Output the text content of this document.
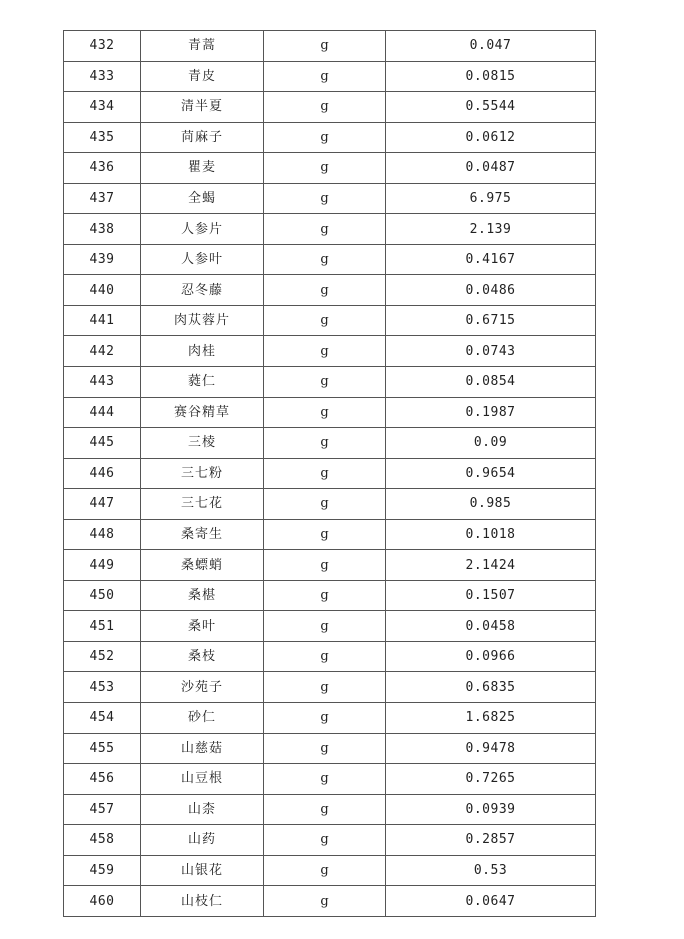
432	青蒿	g	0.047
433	青皮	g	0.0815
434	清半夏	g	0.5544
435	苘麻子	g	0.0612
436	瞿麦	g	0.0487
437	全蝎	g	6.975
438	人参片	g	2.139
439	人参叶	g	0.4167
440	忍冬藤	g	0.0486
441	肉苁蓉片	g	0.6715
442	肉桂	g	0.0743
443	蕤仁	g	0.0854
444	赛谷精草	g	0.1987
445	三棱	g	0.09
446	三七粉	g	0.9654
447	三七花	g	0.985
448	桑寄生	g	0.1018
449	桑螵蛸	g	2.1424
450	桑椹	g	0.1507
451	桑叶	g	0.0458
452	桑枝	g	0.0966
453	沙苑子	g	0.6835
454	砂仁	g	1.6825
455	山慈菇	g	0.9478
456	山豆根	g	0.7265
457	山柰	g	0.0939
458	山药	g	0.2857
459	山银花	g	0.53
460	山枝仁	g	0.0647
